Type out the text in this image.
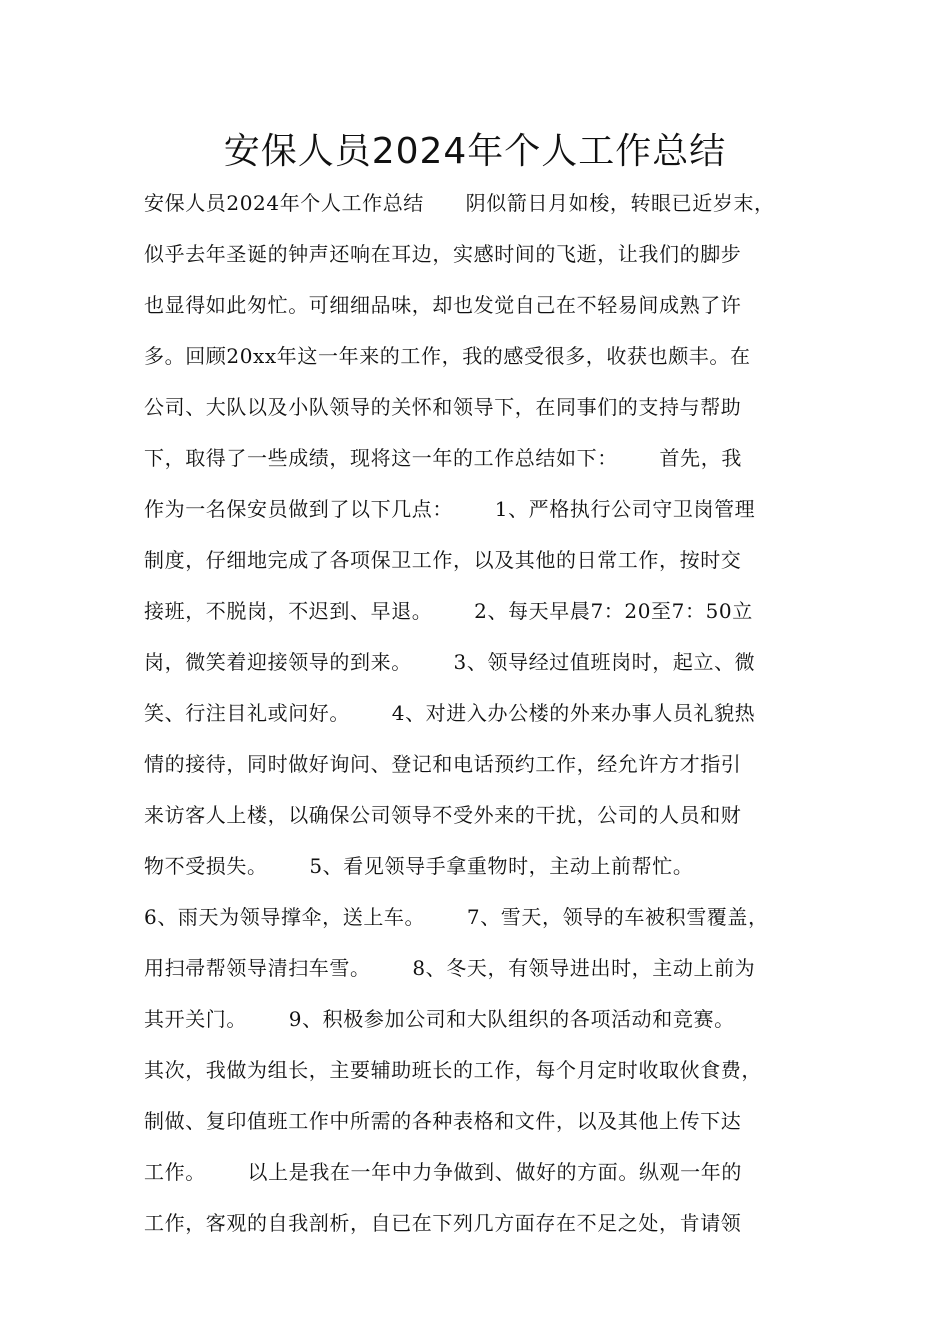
安保人员2024年个人工作总结
安保人员2024年个人工作总结      阴似箭日月如梭，转眼已近岁末，
似乎去年圣诞的钟声还响在耳边，实感时间的飞逝，让我们的脚步
也显得如此匆忙。可细细品味，却也发觉自己在不轻易间成熟了许
多。回顾20xx年这一年来的工作，我的感受很多，收获也颇丰。在
公司、大队以及小队领导的关怀和领导下，在同事们的支持与帮助
下，取得了一些成绩，现将这一年的工作总结如下：      首先，我
作为一名保安员做到了以下几点：      1、严格执行公司守卫岗管理
制度，仔细地完成了各项保卫工作，以及其他的日常工作，按时交
接班，不脱岗，不迟到、早退。      2、每天早晨7：20至7：50立
岗，微笑着迎接领导的到来。      3、领导经过值班岗时，起立、微
笑、行注目礼或问好。      4、对进入办公楼的外来办事人员礼貌热
情的接待，同时做好询问、登记和电话预约工作，经允许方才指引
来访客人上楼，以确保公司领导不受外来的干扰，公司的人员和财
物不受损失。      5、看见领导手拿重物时，主动上前帮忙。
6、雨天为领导撑伞，送上车。      7、雪天，领导的车被积雪覆盖，
用扫帚帮领导清扫车雪。      8、冬天，有领导进出时，主动上前为
其开关门。      9、积极参加公司和大队组织的各项活动和竞赛。
其次，我做为组长，主要辅助班长的工作，每个月定时收取伙食费，
制做、复印值班工作中所需的各种表格和文件，以及其他上传下达
工作。      以上是我在一年中力争做到、做好的方面。纵观一年的
工作，客观的自我剖析，自已在下列几方面存在不足之处，肯请领
